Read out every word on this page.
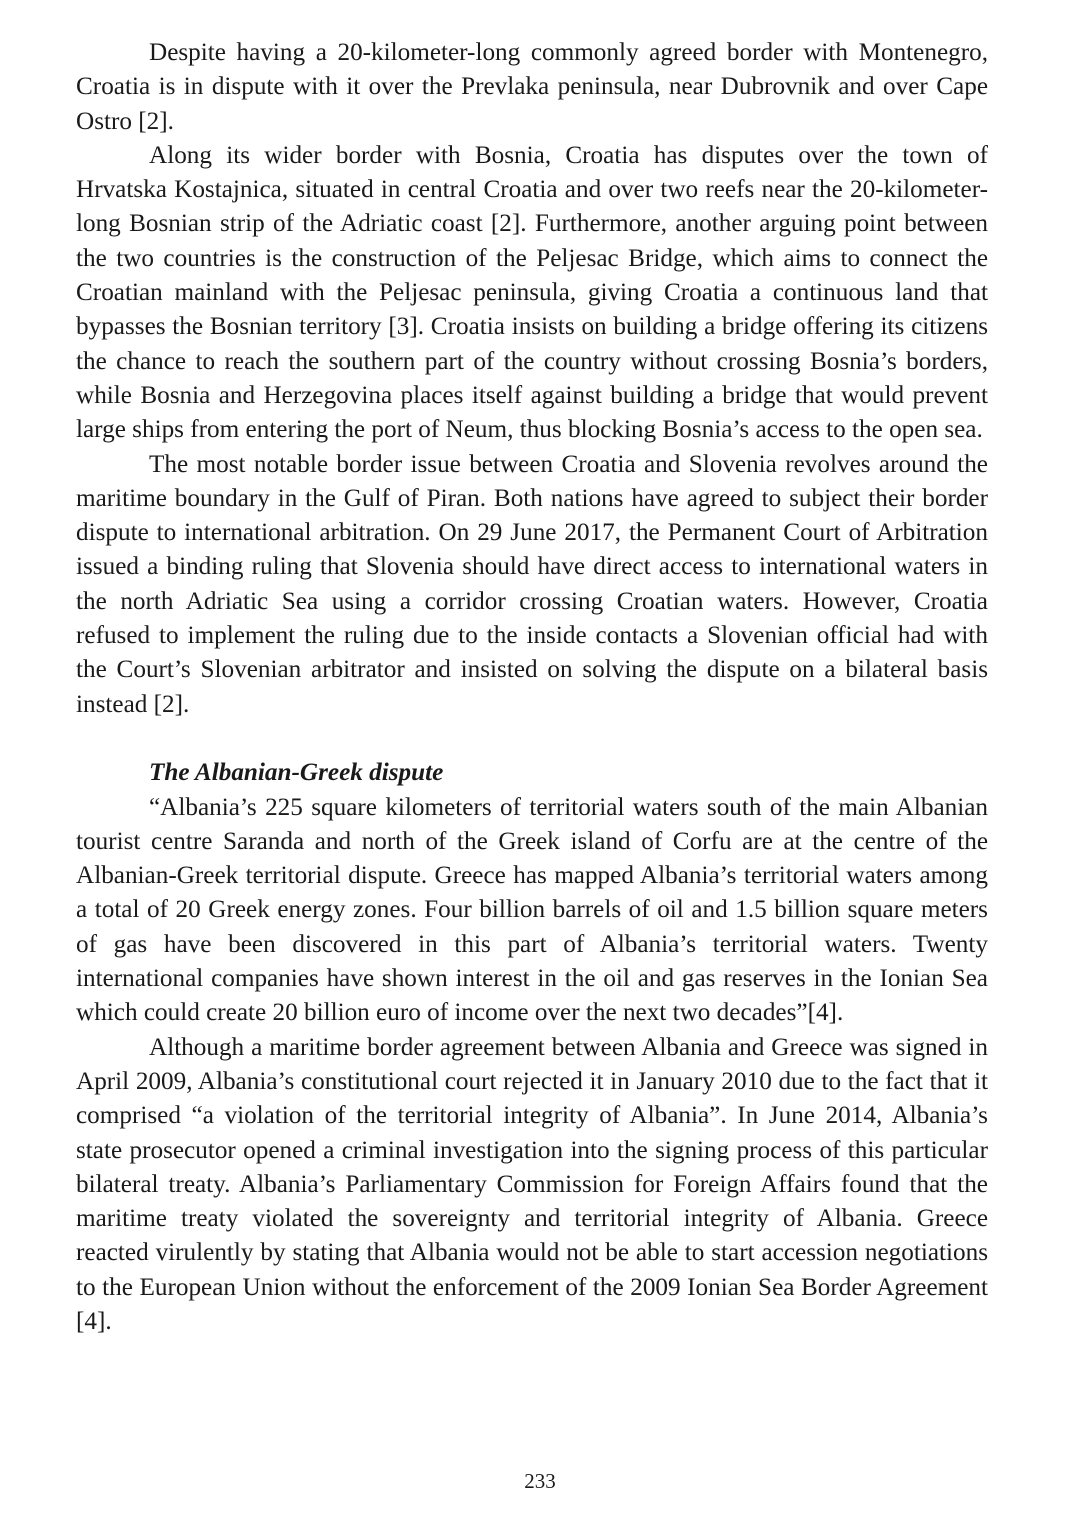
Despite having a 20-kilometer-long commonly agreed border with Montenegro, Croatia is in dispute with it over the Prevlaka peninsula, near Dubrovnik and over Cape Ostro [2].

Along its wider border with Bosnia, Croatia has disputes over the town of Hrvatska Kostajnica, situated in central Croatia and over two reefs near the 20-kilometer-long Bosnian strip of the Adriatic coast [2]. Furthermore, another arguing point between the two countries is the construction of the Peljesac Bridge, which aims to connect the Croatian mainland with the Peljesac peninsula, giving Croatia a continuous land that bypasses the Bosnian territory [3]. Croatia insists on building a bridge offering its citizens the chance to reach the southern part of the country without crossing Bosnia’s borders, while Bosnia and Herzegovina places itself against building a bridge that would prevent large ships from entering the port of Neum, thus blocking Bosnia’s access to the open sea.

The most notable border issue between Croatia and Slovenia revolves around the maritime boundary in the Gulf of Piran. Both nations have agreed to subject their border dispute to international arbitration. On 29 June 2017, the Permanent Court of Arbitration issued a binding ruling that Slovenia should have direct access to international waters in the north Adriatic Sea using a corridor crossing Croatian waters. However, Croatia refused to implement the ruling due to the inside contacts a Slovenian official had with the Court’s Slovenian arbitrator and insisted on solving the dispute on a bilateral basis instead [2].

The Albanian-Greek dispute

“Albania’s 225 square kilometers of territorial waters south of the main Albanian tourist centre Saranda and north of the Greek island of Corfu are at the centre of the Albanian-Greek territorial dispute. Greece has mapped Albania’s territorial waters among a total of 20 Greek energy zones. Four billion barrels of oil and 1.5 billion square meters of gas have been discovered in this part of Albania’s territorial waters. Twenty international companies have shown interest in the oil and gas reserves in the Ionian Sea which could create 20 billion euro of income over the next two decades”[4].

Although a maritime border agreement between Albania and Greece was signed in April 2009, Albania’s constitutional court rejected it in January 2010 due to the fact that it comprised “a violation of the territorial integrity of Albania”. In June 2014, Albania’s state prosecutor opened a criminal investigation into the signing process of this particular bilateral treaty. Albania’s Parliamentary Commission for Foreign Affairs found that the maritime treaty violated the sovereignty and territorial integrity of Albania. Greece reacted virulently by stating that Albania would not be able to start accession negotiations to the European Union without the enforcement of the 2009 Ionian Sea Border Agreement [4].

233
